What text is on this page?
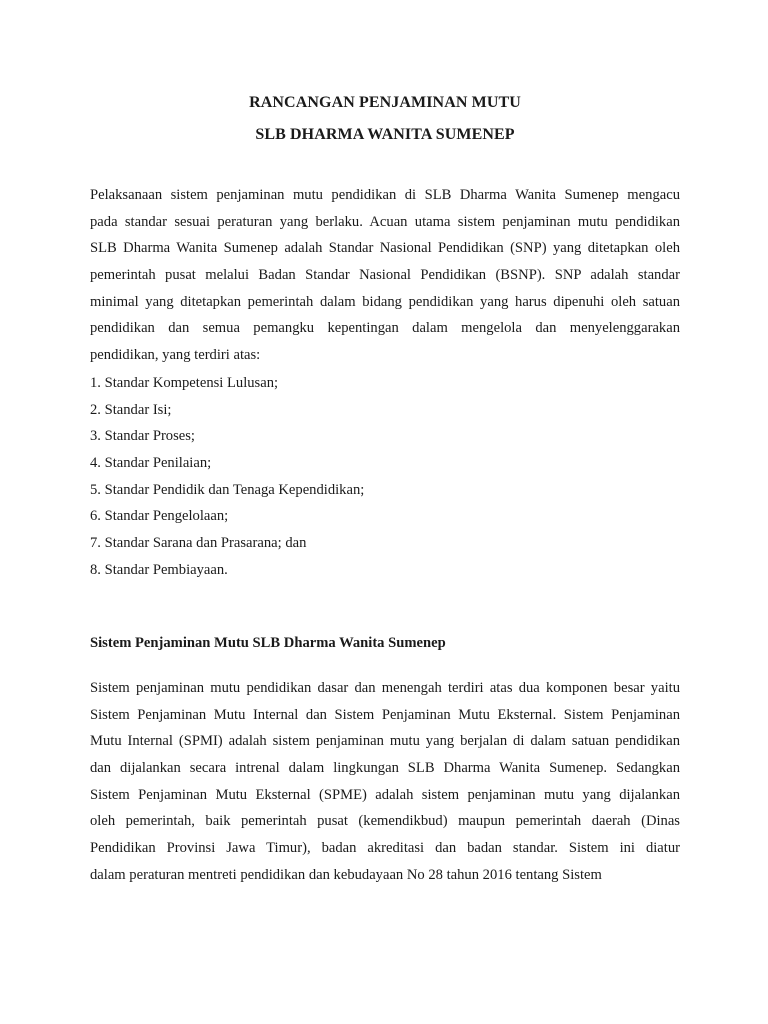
RANCANGAN PENJAMINAN MUTU
SLB DHARMA WANITA SUMENEP
Pelaksanaan sistem penjaminan mutu pendidikan di SLB Dharma Wanita Sumenep mengacu
pada standar sesuai peraturan yang berlaku. Acuan utama sistem penjaminan mutu pendidikan
SLB Dharma Wanita Sumenep adalah Standar Nasional Pendidikan (SNP) yang ditetapkan oleh
pemerintah pusat melalui Badan Standar Nasional Pendidikan (BSNP). SNP adalah standar
minimal yang ditetapkan pemerintah dalam bidang pendidikan yang harus dipenuhi oleh satuan
pendidikan dan semua pemangku kepentingan dalam mengelola dan menyelenggarakan
pendidikan, yang terdiri atas:
1. Standar Kompetensi Lulusan;
2. Standar Isi;
3. Standar Proses;
4. Standar Penilaian;
5. Standar Pendidik dan Tenaga Kependidikan;
6. Standar Pengelolaan;
7. Standar Sarana dan Prasarana; dan
8. Standar Pembiayaan.
Sistem Penjaminan Mutu SLB Dharma Wanita Sumenep
Sistem penjaminan mutu pendidikan dasar dan menengah terdiri atas dua komponen besar yaitu
Sistem Penjaminan Mutu Internal dan Sistem Penjaminan Mutu Eksternal. Sistem Penjaminan
Mutu Internal (SPMI) adalah sistem penjaminan mutu yang berjalan di dalam satuan pendidikan
dan dijalankan secara intrenal dalam lingkungan SLB Dharma Wanita Sumenep. Sedangkan
Sistem Penjaminan Mutu Eksternal (SPME) adalah sistem penjaminan mutu yang dijalankan
oleh pemerintah, baik pemerintah pusat (kemendikbud) maupun pemerintah daerah (Dinas
Pendidikan Provinsi Jawa Timur), badan akreditasi dan badan standar. Sistem ini diatur
dalam peraturan mentreti pendidikan dan kebudayaan No 28 tahun 2016 tentang Sistem
